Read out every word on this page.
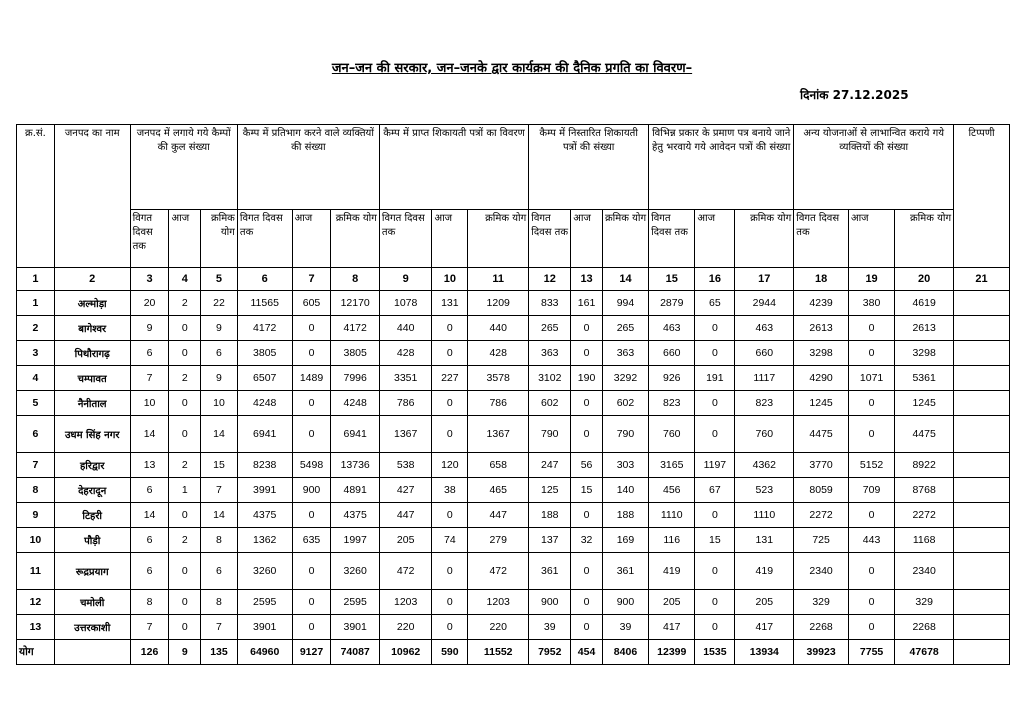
जन–जन की सरकार, जन–जनके द्वार कार्यक्रम की दैनिक प्रगति का विवरण–
दिनांक 27.12.2025
क्र.सं.	जनपद का नाम	जनपद में लगाये गये कैम्पों की कुल संख्या			कैम्प में प्रतिभाग करने वाले व्यक्तियों की संख्या			कैम्प में प्राप्त शिकायती पत्रों का विवरण			कैम्प में निस्तारित शिकायती पत्रों की संख्या			विभिन्न प्रकार के प्रमाण पत्र बनाये जाने हेतु भरवाये गये आवेदन पत्रों की संख्या			अन्य योजनाओं से लाभान्वित कराये गये व्यक्तियों की संख्या			टिप्पणी
		विगत दिवस तक	आज	क्रमिक योग	विगत दिवस तक	आज	क्रमिक योग	विगत दिवस तक	आज	क्रमिक योग	विगत दिवस तक	आज	क्रमिक योग	विगत दिवस तक	आज	क्रमिक योग	विगत दिवस तक	आज	क्रमिक योग	
1	2	3	4	5	6	7	8	9	10	11	12	13	14	15	16	17	18	19	20	21
1	अल्मोड़ा	20	2	22	11565	605	12170	1078	131	1209	833	161	994	2879	65	2944	4239	380	4619	
2	बागेश्वर	9	0	9	4172	0	4172	440	0	440	265	0	265	463	0	463	2613	0	2613	
3	पिथौरागढ़	6	0	6	3805	0	3805	428	0	428	363	0	363	660	0	660	3298	0	3298	
4	चम्पावत	7	2	9	6507	1489	7996	3351	227	3578	3102	190	3292	926	191	1117	4290	1071	5361	
5	नैनीताल	10	0	10	4248	0	4248	786	0	786	602	0	602	823	0	823	1245	0	1245	
6	उधम सिंह नगर	14	0	14	6941	0	6941	1367	0	1367	790	0	790	760	0	760	4475	0	4475	
7	हरिद्वार	13	2	15	8238	5498	13736	538	120	658	247	56	303	3165	1197	4362	3770	5152	8922	
8	देहरादून	6	1	7	3991	900	4891	427	38	465	125	15	140	456	67	523	8059	709	8768	
9	टिहरी	14	0	14	4375	0	4375	447	0	447	188	0	188	1110	0	1110	2272	0	2272	
10	पौड़ी	6	2	8	1362	635	1997	205	74	279	137	32	169	116	15	131	725	443	1168	
11	रूद्रप्रयाग	6	0	6	3260	0	3260	472	0	472	361	0	361	419	0	419	2340	0	2340	
12	चमोली	8	0	8	2595	0	2595	1203	0	1203	900	0	900	205	0	205	329	0	329	
13	उत्तरकाशी	7	0	7	3901	0	3901	220	0	220	39	0	39	417	0	417	2268	0	2268	
योग		126	9	135	64960	9127	74087	10962	590	11552	7952	454	8406	12399	1535	13934	39923	7755	47678	
